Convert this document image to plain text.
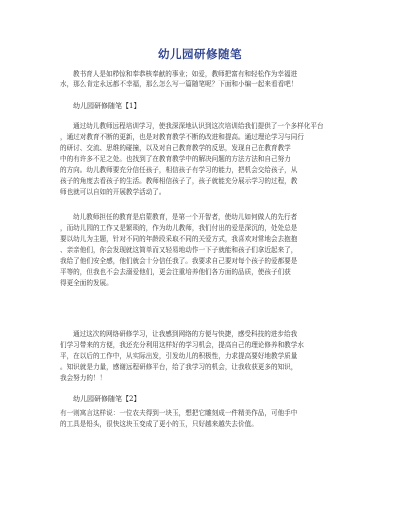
幼儿园研修随笔
教书育人是如栉惊和奉恭核奉献的事业；如爱，教师把富有和轻松作为幸福进
水，那么肯定永远都不幸福，那么怎么写一篇随笔呢？下面和小编一起来看看吧！
幼儿园研修随笔【1】
通过幼儿教师远程培训学习，使我深深地认识到这次培训给我们提供了一个多样化平台
，通过对教育不断的更新，也是对教育教学不断的改进和提高。通过理论学习与同行
的研讨、交流、思维的碰撞，以及对自己教育教学的反思，发现自己在教育教学
中的有许多不足之处。也找到了在教育教学中的解决问题的方法方法和自己努力
的方向。幼儿教师要充分信任孩子，相信孩子有学习的能力，把机会交给孩子，从
孩子的角度去看孩子的生活。教师相信孩子了，孩子就能充分展示学习的过程，教
师也就可以自如的开展教学活动了。
幼儿教师担任的教育是启蒙教育，是第一个开智者，使幼儿如何做人的先行者
，而幼儿园的工作又是繁琐的，作为幼儿教师，我们付出的爱是深沉的，处处总是
要以幼儿为主题，针对不同的年龄段采取不同的关爱方式，我喜欢对常地会去抱抱
、亲亲他们，你会发现就这简单而又轻易地动作一下子就能和孩子们拿近起来了，
我给了他们安全感，他们就会十分信任我了。我要求自己要对每个孩子的爱都要是
平等的，但我也不会去溺爱他们，更会注重培养他们各方面的品质，使孩子们获
得更全面的发展。
通过这次的网络研修学习，让我感到网络的方便与快捷，感受科技的进步给我
们学习带来的方便，我还充分利用这样好的学习机会，提高自己的理论修养和教学水
平，在以后的工作中，从实际出发，引发幼儿的积极性，力求提高要好地教学质量
。知识就是力量，感谢远程研修平台，给了我学习的机会，让我收获更多的知识，
我会努力的！！
幼儿园研修随笔【2】
有一则寓言这样说：一位农夫得到一块玉，想把它雕刻成一件精美作品，可他手中
的工具是铅头，很快这块玉变成了更小的玉，只好越来越失去价值。
